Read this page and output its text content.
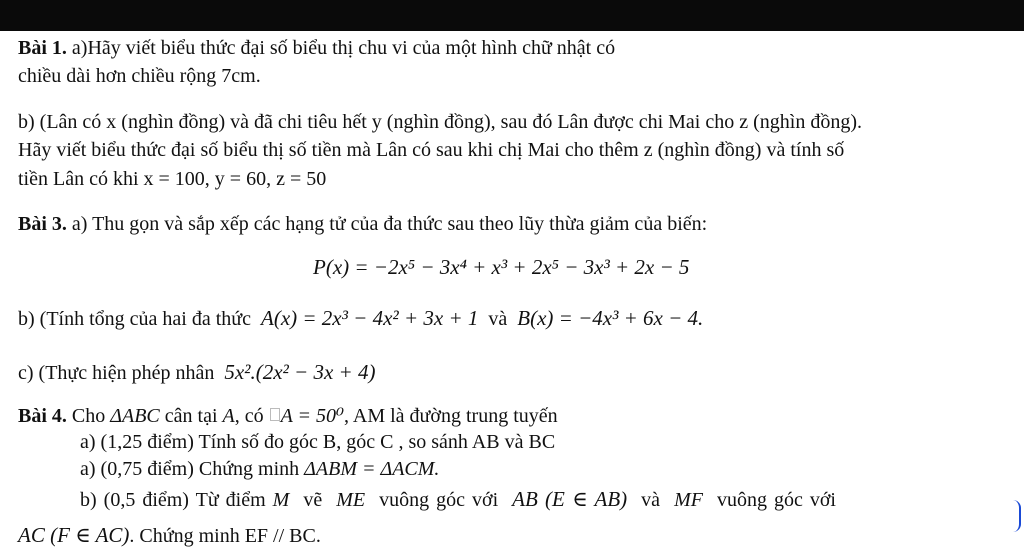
Bài 1. a)Hãy viết biểu thức đại số biểu thị chu vi của một hình chữ nhật có
chiều dài hơn chiều rộng 7cm.
b) (Lân có x (nghìn đồng) và đã chi tiêu hết y (nghìn đồng), sau đó Lân được chi Mai cho z (nghìn đồng).
Hãy viết biểu thức đại số biểu thị số tiền mà Lân có sau khi chị Mai cho thêm z (nghìn đồng) và tính số
tiền Lân có khi x = 100, y = 60, z = 50
Bài 3. a) Thu gọn và sắp xếp các hạng tử của đa thức sau theo lũy thừa giảm của biến:
P(x) = −2x⁵ − 3x⁴ + x³ + 2x⁵ − 3x³ + 2x − 5
b) (Tính tổng của hai đa thức A(x) = 2x³ − 4x² + 3x + 1 và B(x) = −4x³ + 6x − 4.
c) (Thực hiện phép nhân 5x².(2x² − 3x + 4)
Bài 4. Cho ΔABC cân tại A, có A = 50⁰, AM là đường trung tuyến
a) (1,25 điểm) Tính số đo góc B, góc C , so sánh AB và BC
a) (0,75 điểm) Chứng minh ΔABM = ΔACM.
b) (0,5 điểm) Từ điểm M vẽ ME vuông góc với AB (E ∈ AB) và MF vuông góc với
AC (F ∈ AC). Chứng minh EF // BC.
